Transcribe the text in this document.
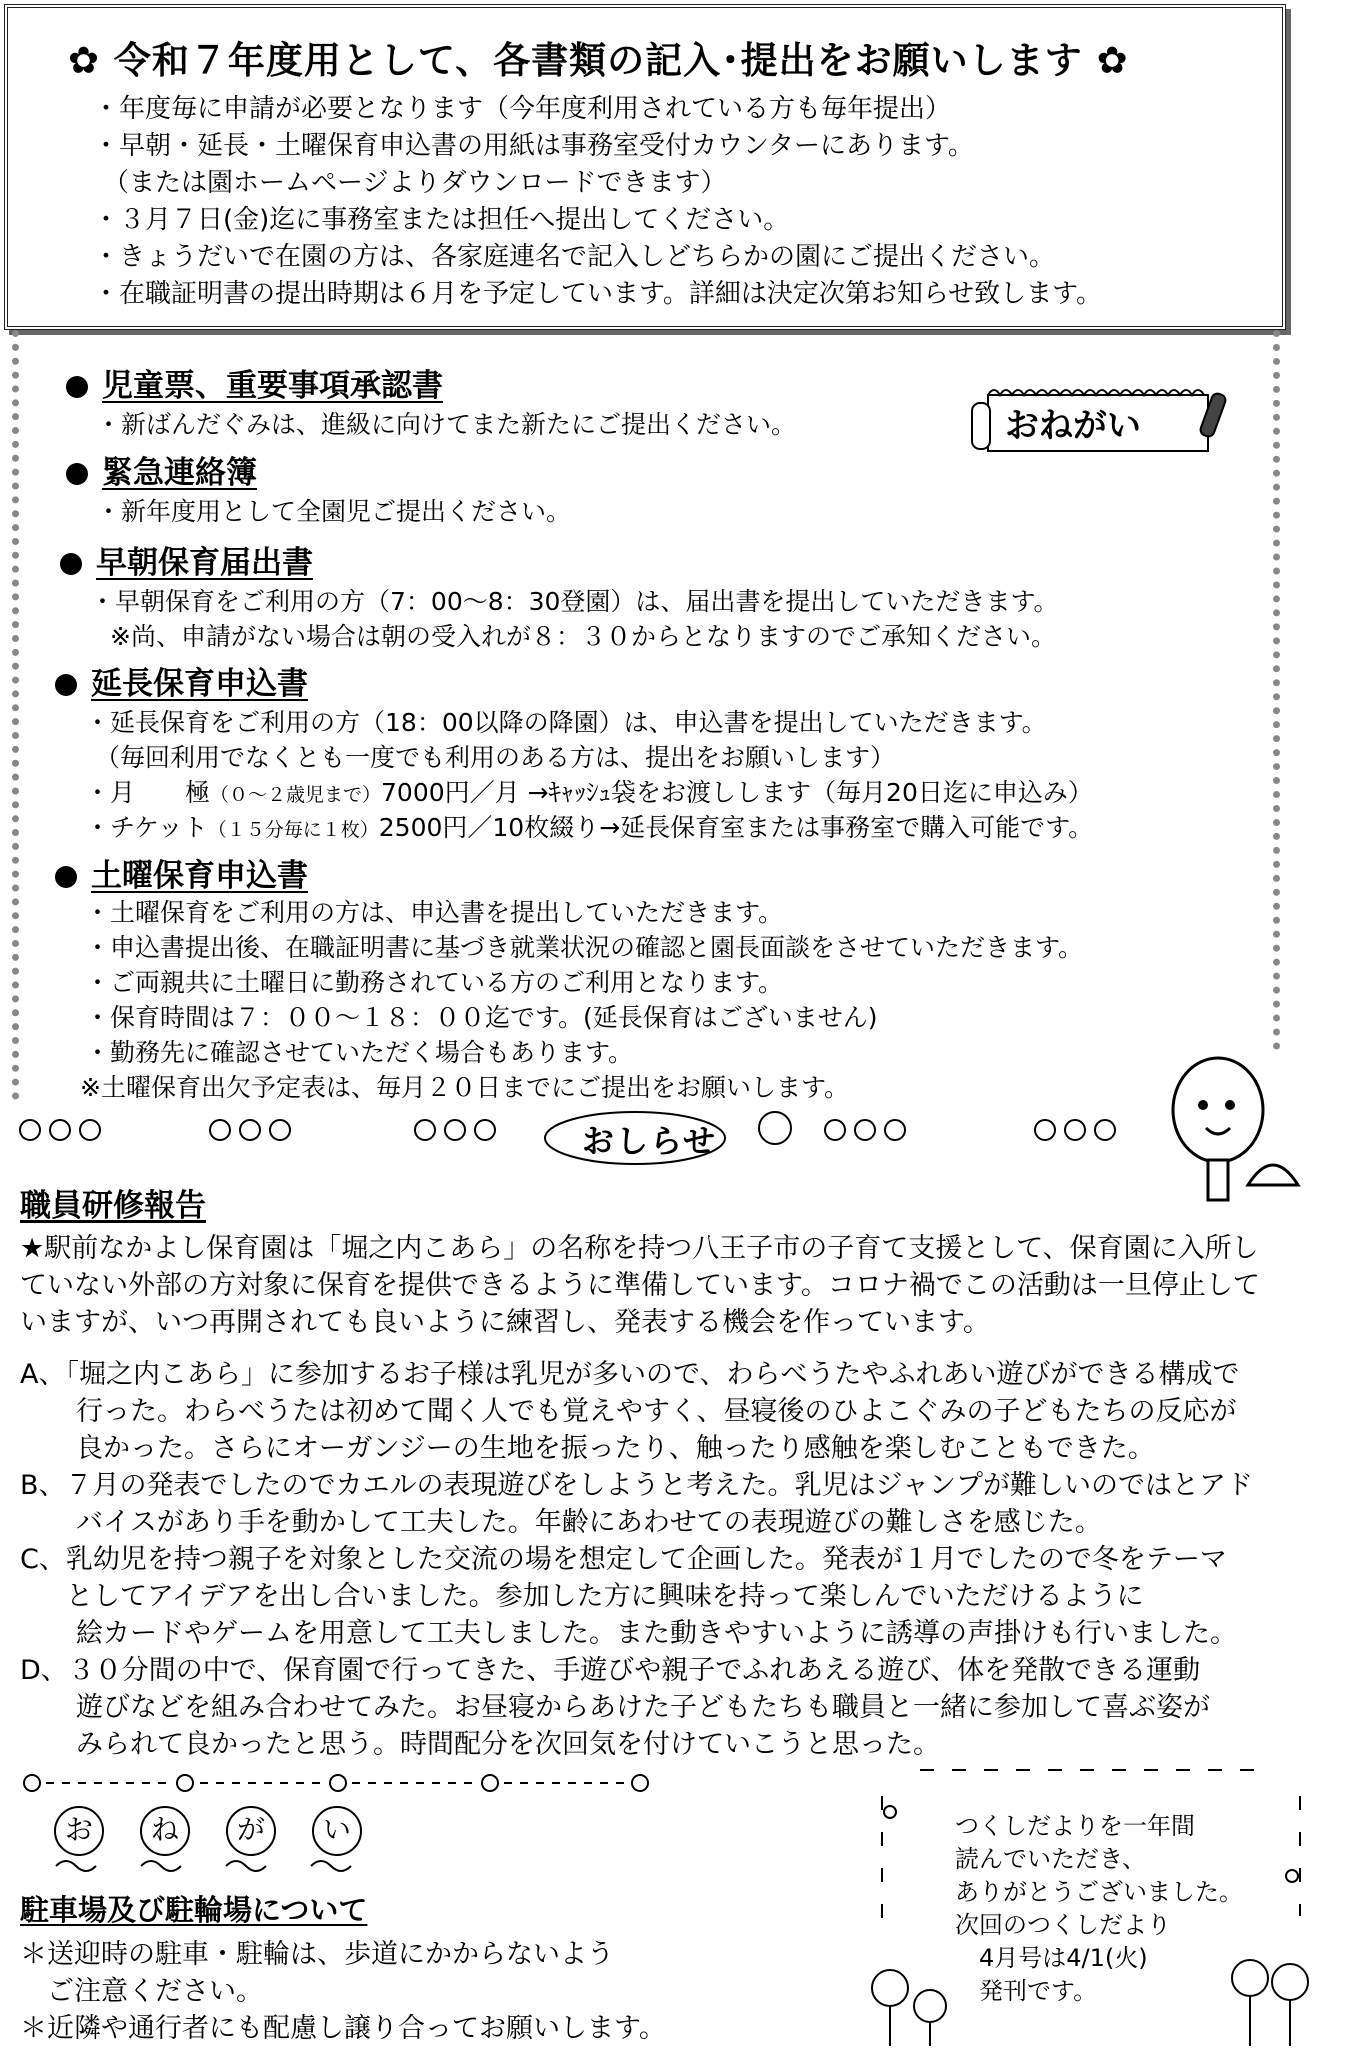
✿ 令和７年度用として、各書類の記入･提出をお願いします ✿
・年度毎に申請が必要となります（今年度利用されている方も毎年提出）
・早朝・延長・土曜保育申込書の用紙は事務室受付カウンターにあります。
（または園ホームページよりダウンロードできます）
・３月７日(金)迄に事務室または担任へ提出してください。
・きょうだいで在園の方は、各家庭連名で記入しどちらかの園にご提出ください。
・在職証明書の提出時期は６月を予定しています。詳細は決定次第お知らせ致します。
おねがい
児童票、重要事項承認書
・新ばんだぐみは、進級に向けてまた新たにご提出ください。
緊急連絡簿
・新年度用として全園児ご提出ください。
早朝保育届出書
・早朝保育をご利用の方（7：00～8：30登園）は、届出書を提出していただきます。
※尚、申請がない場合は朝の受入れが８：３０からとなりますのでご承知ください。
延長保育申込書
・延長保育をご利用の方（18：00以降の降園）は、申込書を提出していただきます。
（毎回利用でなくとも一度でも利用のある方は、提出をお願いします）
・月　　極（０～２歳児まで）7000円／月 →ｷｬｯｼｭ袋をお渡しします（毎月20日迄に申込み）
・チケット（１５分毎に１枚）2500円／10枚綴り→延長保育室または事務室で購入可能です。
土曜保育申込書
・土曜保育をご利用の方は、申込書を提出していただきます。
・申込書提出後、在職証明書に基づき就業状況の確認と園長面談をさせていただきます。
・ご両親共に土曜日に勤務されている方のご利用となります。
・保育時間は７：００～１８：００迄です。(延長保育はございません)
・勤務先に確認させていただく場合もあります。
※土曜保育出欠予定表は、毎月２０日までにご提出をお願いします。
おしらせ
職員研修報告
★駅前なかよし保育園は「堀之内こあら」の名称を持つ八王子市の子育て支援として、保育園に入所し
ていない外部の方対象に保育を提供できるように準備しています。コロナ禍でこの活動は一旦停止して
いますが、いつ再開されても良いように練習し、発表する機会を作っています。
A、「堀之内こあら」に参加するお子様は乳児が多いので、わらべうたやふれあい遊びができる構成で
行った。わらべうたは初めて聞く人でも覚えやすく、昼寝後のひよこぐみの子どもたちの反応が
良かった。さらにオーガンジーの生地を振ったり、触ったり感触を楽しむこともできた。
B、７月の発表でしたのでカエルの表現遊びをしようと考えた。乳児はジャンプが難しいのではとアド
バイスがあり手を動かして工夫した。年齢にあわせての表現遊びの難しさを感じた。
C、乳幼児を持つ親子を対象とした交流の場を想定して企画した。発表が１月でしたので冬をテーマ
としてアイデアを出し合いました。参加した方に興味を持って楽しんでいただけるように
絵カードやゲームを用意して工夫しました。また動きやすいように誘導の声掛けも行いました。
D、３０分間の中で、保育園で行ってきた、手遊びや親子でふれあえる遊び、体を発散できる運動
遊びなどを組み合わせてみた。お昼寝からあけた子どもたちも職員と一緒に参加して喜ぶ姿が
みられて良かったと思う。時間配分を次回気を付けていこうと思った。
お	ね	が	い
駐車場及び駐輪場について
＊送迎時の駐車・駐輪は、歩道にかからないよう
　ご注意ください。
＊近隣や通行者にも配慮し譲り合ってお願いします。
つくしだよりを一年間
読んでいただき、
ありがとうございました。
次回のつくしだより
　4月号は4/1(火)
　発刊です。
